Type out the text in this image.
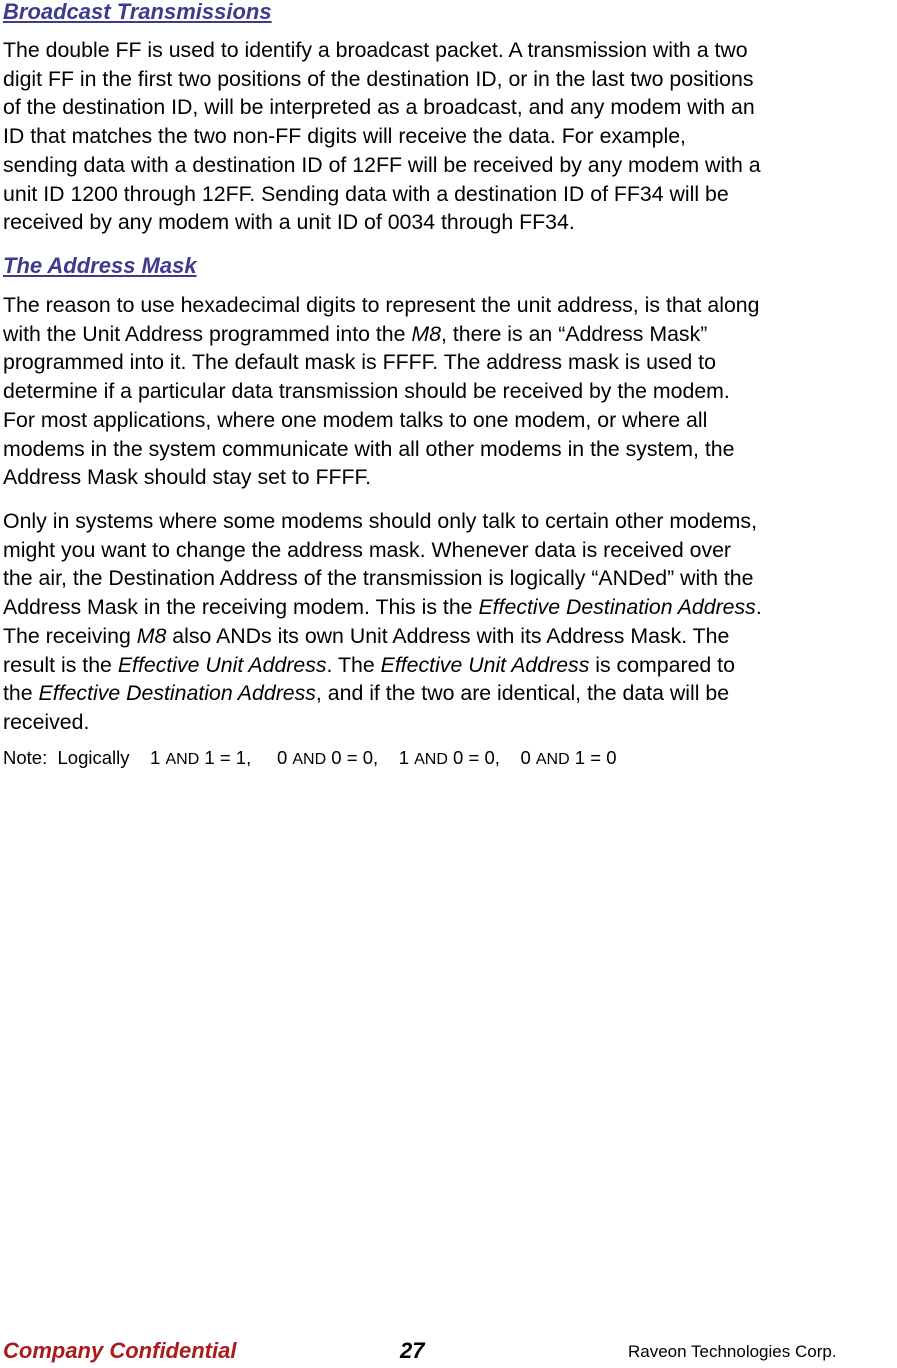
Broadcast Transmissions
The double FF is used to identify a broadcast packet. A transmission with a two
digit FF in the first two positions of the destination ID, or in the last two positions
of the destination ID, will be interpreted as a broadcast, and any modem with an
ID that matches the two non-FF digits will receive the data. For example,
sending data with a destination ID of 12FF will be received by any modem with a
unit ID 1200 through 12FF. Sending data with a destination ID of FF34 will be
received by any modem with a unit ID of 0034 through FF34.
The Address Mask
The reason to use hexadecimal digits to represent the unit address, is that along
with the Unit Address programmed into the M8, there is an “Address Mask”
programmed into it. The default mask is FFFF. The address mask is used to
determine if a particular data transmission should be received by the modem.
For most applications, where one modem talks to one modem, or where all
modems in the system communicate with all other modems in the system, the
Address Mask should stay set to FFFF.
Only in systems where some modems should only talk to certain other modems,
might you want to change the address mask. Whenever data is received over
the air, the Destination Address of the transmission is logically “ANDed” with the
Address Mask in the receiving modem. This is the Effective Destination Address.
The receiving M8 also ANDs its own Unit Address with its Address Mask. The
result is the Effective Unit Address. The Effective Unit Address is compared to
the Effective Destination Address, and if the two are identical, the data will be
received.
Note:  Logically    1 AND 1 = 1,     0 AND 0 = 0,    1 AND 0 = 0,    0 AND 1 = 0
Company Confidential	27	Raveon Technologies Corp.
